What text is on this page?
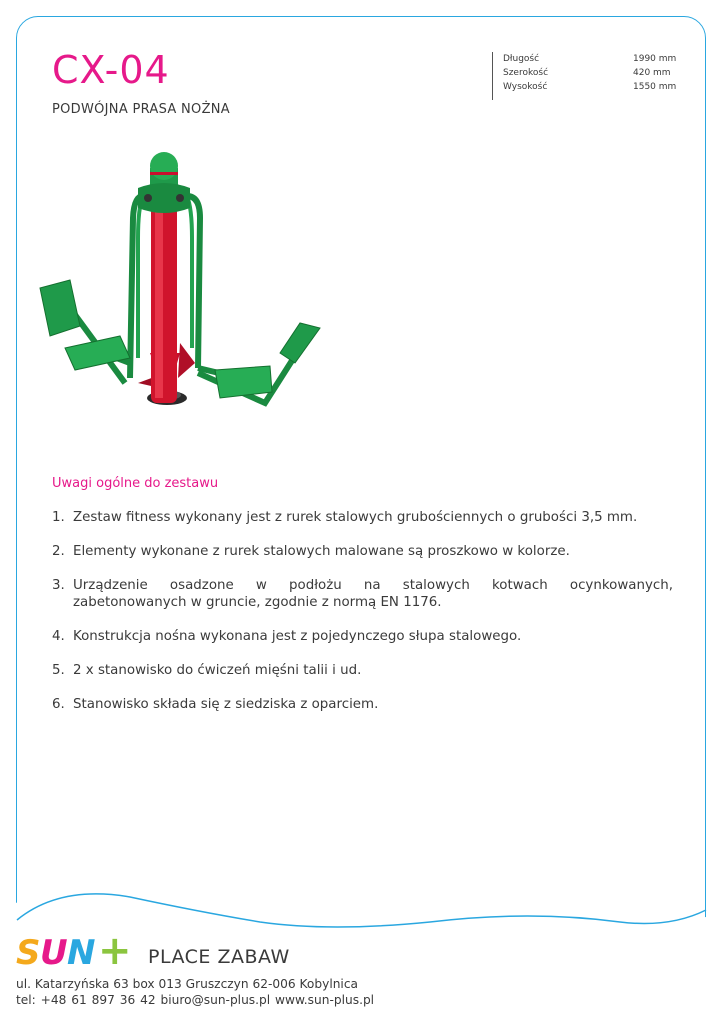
CX-04
PODWÓJNA PRASA NOŻNA
Długość	1990 mm
Szerokość	420 mm
Wysokość	1550 mm
Uwagi ogólne do zestawu
1. Zestaw fitness wykonany jest z rurek stalowych grubościennych o grubości 3,5 mm.
2. Elementy wykonane z rurek stalowych malowane są proszkowo w kolorze.
3. Urządzenie osadzone w podłożu na stalowych kotwach ocynkowanych,
zabetonowanych w gruncie, zgodnie z normą EN 1176.
4. Konstrukcja nośna wykonana jest z pojedynczego słupa stalowego.
5. 2 x stanowisko do ćwiczeń mięśni talii i ud.
6. Stanowisko składa się z siedziska z oparciem.
S U N + PLACE ZABAW
ul. Katarzyńska 63 box 013 Gruszczyn 62-006 Kobylnica
tel: +48 61 897 36 42 biuro@sun-plus.pl www.sun-plus.pl
